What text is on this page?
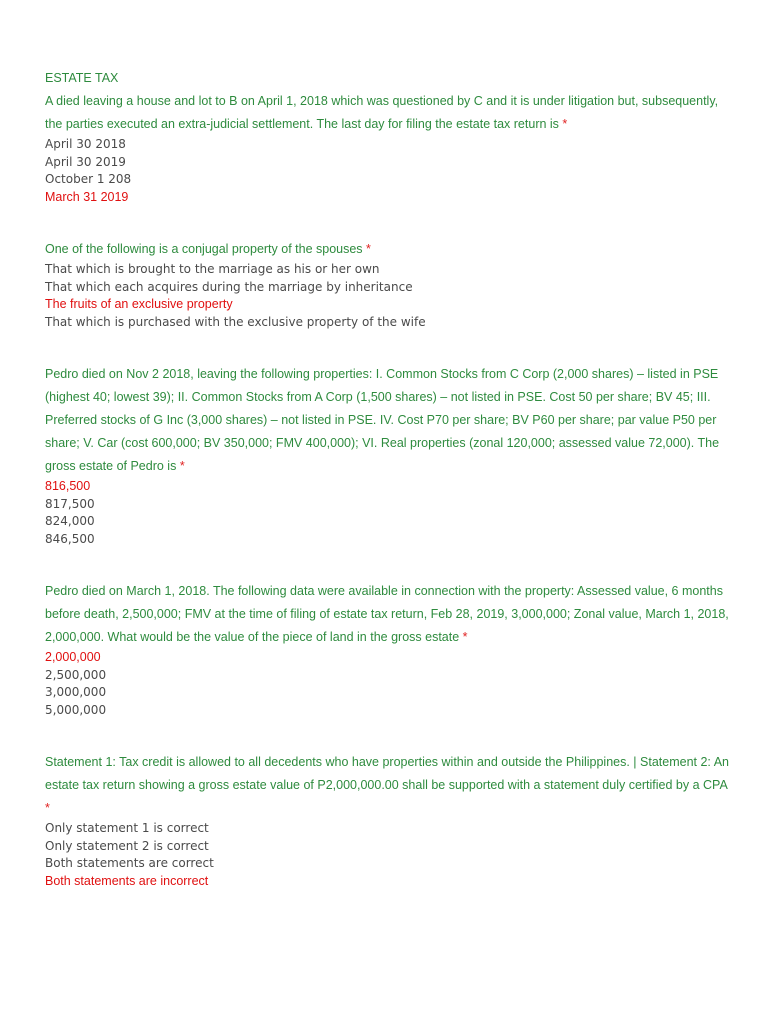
ESTATE TAX

A died leaving a house and lot to B on April 1, 2018 which was questioned by C and it is under litigation but, subsequently, the parties executed an extra-judicial settlement. The last day for filing the estate tax return is *

April 30 2018

April 30 2019

October 1 208

March 31 2019

One of the following is a conjugal property of the spouses *

That which is brought to the marriage as his or her own

That which each acquires during the marriage by inheritance

The fruits of an exclusive property

That which is purchased with the exclusive property of the wife

Pedro died on Nov 2 2018, leaving the following properties: I. Common Stocks from C Corp (2,000 shares) – listed in PSE (highest 40; lowest 39); II. Common Stocks from A Corp (1,500 shares) – not listed in PSE. Cost 50 per share; BV 45; III. Preferred stocks of G Inc (3,000 shares) – not listed in PSE. IV. Cost P70 per share; BV P60 per share; par value P50 per share; V. Car (cost 600,000; BV 350,000; FMV 400,000); VI. Real properties (zonal 120,000; assessed value 72,000). The gross estate of Pedro is *

816,500

817,500

824,000

846,500

Pedro died on March 1, 2018. The following data were available in connection with the property: Assessed value, 6 months before death, 2,500,000; FMV at the time of filing of estate tax return, Feb 28, 2019, 3,000,000; Zonal value, March 1, 2018, 2,000,000. What would be the value of the piece of land in the gross estate *

2,000,000

2,500,000

3,000,000

5,000,000

Statement 1: Tax credit is allowed to all decedents who have properties within and outside the Philippines. | Statement 2: An estate tax return showing a gross estate value of P2,000,000.00 shall be supported with a statement duly certified by a CPA *

Only statement 1 is correct

Only statement 2 is correct

Both statements are correct

Both statements are incorrect
